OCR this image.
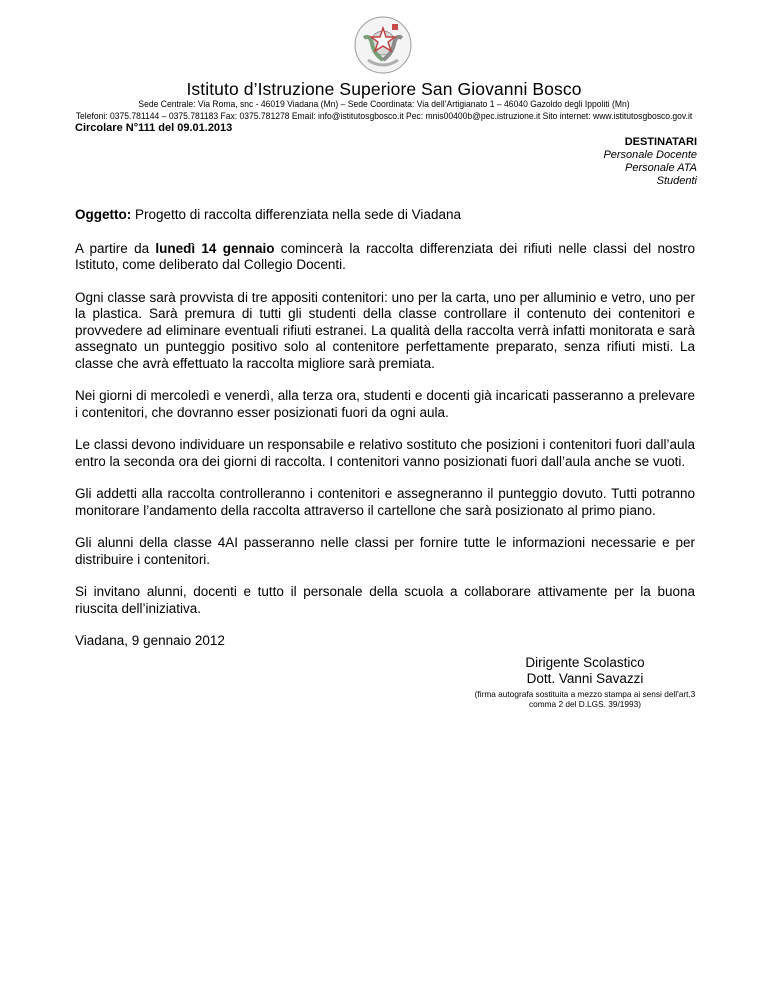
Istituto d’Istruzione Superiore San Giovanni Bosco
Sede Centrale: Via Roma, snc - 46019 Viadana (Mn) – Sede Coordinata: Via dell’Artigianato 1 – 46040 Gazoldo degli Ippoliti (Mn)
Telefoni: 0375.781144 – 0375.781183 Fax: 0375.781278 Email: info@istitutosgbosco.it Pec: mnis00400b@pec.istruzione.it Sito internet: www.istitutosgbosco.gov.it
Circolare N°111 del 09.01.2013
DESTINATARI
Personale Docente
Personale ATA
Studenti

Oggetto: Progetto di raccolta differenziata nella sede di Viadana

A partire da lunedì 14 gennaio comincerà la raccolta differenziata dei rifiuti nelle classi del nostro Istituto, come deliberato dal Collegio Docenti.

Ogni classe sarà provvista di tre appositi contenitori: uno per la carta, uno per alluminio e vetro, uno per la plastica. Sarà premura di tutti gli studenti della classe controllare il contenuto dei contenitori e provvedere ad eliminare eventuali rifiuti estranei. La qualità della raccolta verrà infatti monitorata e sarà assegnato un punteggio positivo solo al contenitore perfettamente preparato, senza rifiuti misti. La classe che avrà effettuato la raccolta migliore sarà premiata.

Nei giorni di mercoledì e venerdì, alla terza ora, studenti e docenti già incaricati passeranno a prelevare i contenitori, che dovranno esser posizionati fuori da ogni aula.

Le classi devono individuare un responsabile e relativo sostituto che posizioni i contenitori fuori dall’aula entro la seconda ora dei giorni di raccolta. I contenitori vanno posizionati fuori dall’aula anche se vuoti.

Gli addetti alla raccolta controlleranno i contenitori e assegneranno il punteggio dovuto. Tutti potranno monitorare l’andamento della raccolta attraverso il cartellone che sarà posizionato al primo piano.

Gli alunni della classe 4AI passeranno nelle classi per fornire tutte le informazioni necessarie e per distribuire i contenitori.

Si invitano alunni, docenti e tutto il personale della scuola a collaborare attivamente per la buona riuscita dell’iniziativa.

Viadana, 9 gennaio 2012

Dirigente Scolastico
Dott. Vanni Savazzi
(firma autografa sostituita a mezzo stampa ai sensi dell'art.3 comma 2 del D.LGS. 39/1993)
